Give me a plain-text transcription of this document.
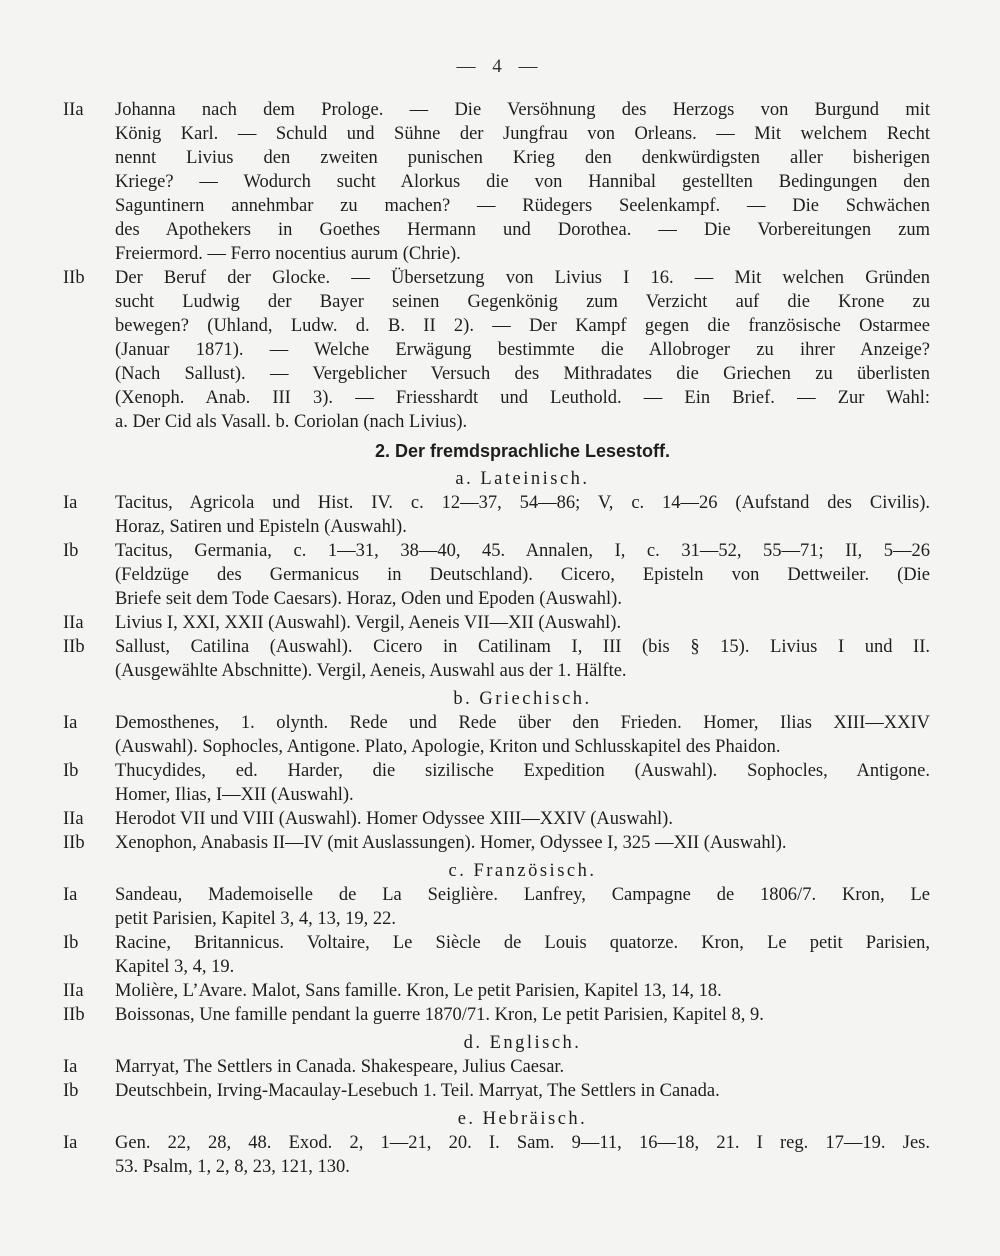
— 4 —
IIa	Johanna nach dem Prologe. — Die Versöhnung des Herzogs von Burgund mit
König Karl. — Schuld und Sühne der Jungfrau von Orleans. — Mit welchem Recht
nennt Livius den zweiten punischen Krieg den denkwürdigsten aller bisherigen
Kriege? — Wodurch sucht Alorkus die von Hannibal gestellten Bedingungen den
Saguntinern annehmbar zu machen? — Rüdegers Seelenkampf. — Die Schwächen
des Apothekers in Goethes Hermann und Dorothea. — Die Vorbereitungen zum
Freiermord. — Ferro nocentius aurum (Chrie).
IIb	Der Beruf der Glocke. — Übersetzung von Livius I 16. — Mit welchen Gründen
sucht Ludwig der Bayer seinen Gegenkönig zum Verzicht auf die Krone zu
bewegen? (Uhland, Ludw. d. B. II 2). — Der Kampf gegen die französische Ostarmee
(Januar 1871). — Welche Erwägung bestimmte die Allobroger zu ihrer Anzeige?
(Nach Sallust). — Vergeblicher Versuch des Mithradates die Griechen zu überlisten
(Xenoph. Anab. III 3). — Friesshardt und Leuthold. — Ein Brief. — Zur Wahl:
a. Der Cid als Vasall. b. Coriolan (nach Livius).
2. Der fremdsprachliche Lesestoff.
a. Lateinisch.
Ia	Tacitus, Agricola und Hist. IV. c. 12—37, 54—86; V, c. 14—26 (Aufstand des Civilis).
Horaz, Satiren und Episteln (Auswahl).
Ib	Tacitus, Germania, c. 1—31, 38—40, 45. Annalen, I, c. 31—52, 55—71; II, 5—26
(Feldzüge des Germanicus in Deutschland). Cicero, Episteln von Dettweiler. (Die
Briefe seit dem Tode Caesars). Horaz, Oden und Epoden (Auswahl).
IIa	Livius I, XXI, XXII (Auswahl). Vergil, Aeneis VII—XII (Auswahl).
IIb	Sallust, Catilina (Auswahl). Cicero in Catilinam I, III (bis § 15). Livius I und II.
(Ausgewählte Abschnitte). Vergil, Aeneis, Auswahl aus der 1. Hälfte.
b. Griechisch.
Ia	Demosthenes, 1. olynth. Rede und Rede über den Frieden. Homer, Ilias XIII—XXIV
(Auswahl). Sophocles, Antigone. Plato, Apologie, Kriton und Schlusskapitel des Phaidon.
Ib	Thucydides, ed. Harder, die sizilische Expedition (Auswahl). Sophocles, Antigone.
Homer, Ilias, I—XII (Auswahl).
IIa	Herodot VII und VIII (Auswahl). Homer Odyssee XIII—XXIV (Auswahl).
IIb	Xenophon, Anabasis II—IV (mit Auslassungen). Homer, Odyssee I, 325 —XII (Auswahl).
c. Französisch.
Ia	Sandeau, Mademoiselle de La Seiglière. Lanfrey, Campagne de 1806/7. Kron, Le
petit Parisien, Kapitel 3, 4, 13, 19, 22.
Ib	Racine, Britannicus. Voltaire, Le Siècle de Louis quatorze. Kron, Le petit Parisien,
Kapitel 3, 4, 19.
IIa	Molière, L’Avare. Malot, Sans famille. Kron, Le petit Parisien, Kapitel 13, 14, 18.
IIb	Boissonas, Une famille pendant la guerre 1870/71. Kron, Le petit Parisien, Kapitel 8, 9.
d. Englisch.
Ia	Marryat, The Settlers in Canada. Shakespeare, Julius Caesar.
Ib	Deutschbein, Irving-Macaulay-Lesebuch 1. Teil. Marryat, The Settlers in Canada.
e. Hebräisch.
Ia	Gen. 22, 28, 48. Exod. 2, 1—21, 20. I. Sam. 9—11, 16—18, 21. I reg. 17—19. Jes.
53. Psalm, 1, 2, 8, 23, 121, 130.
